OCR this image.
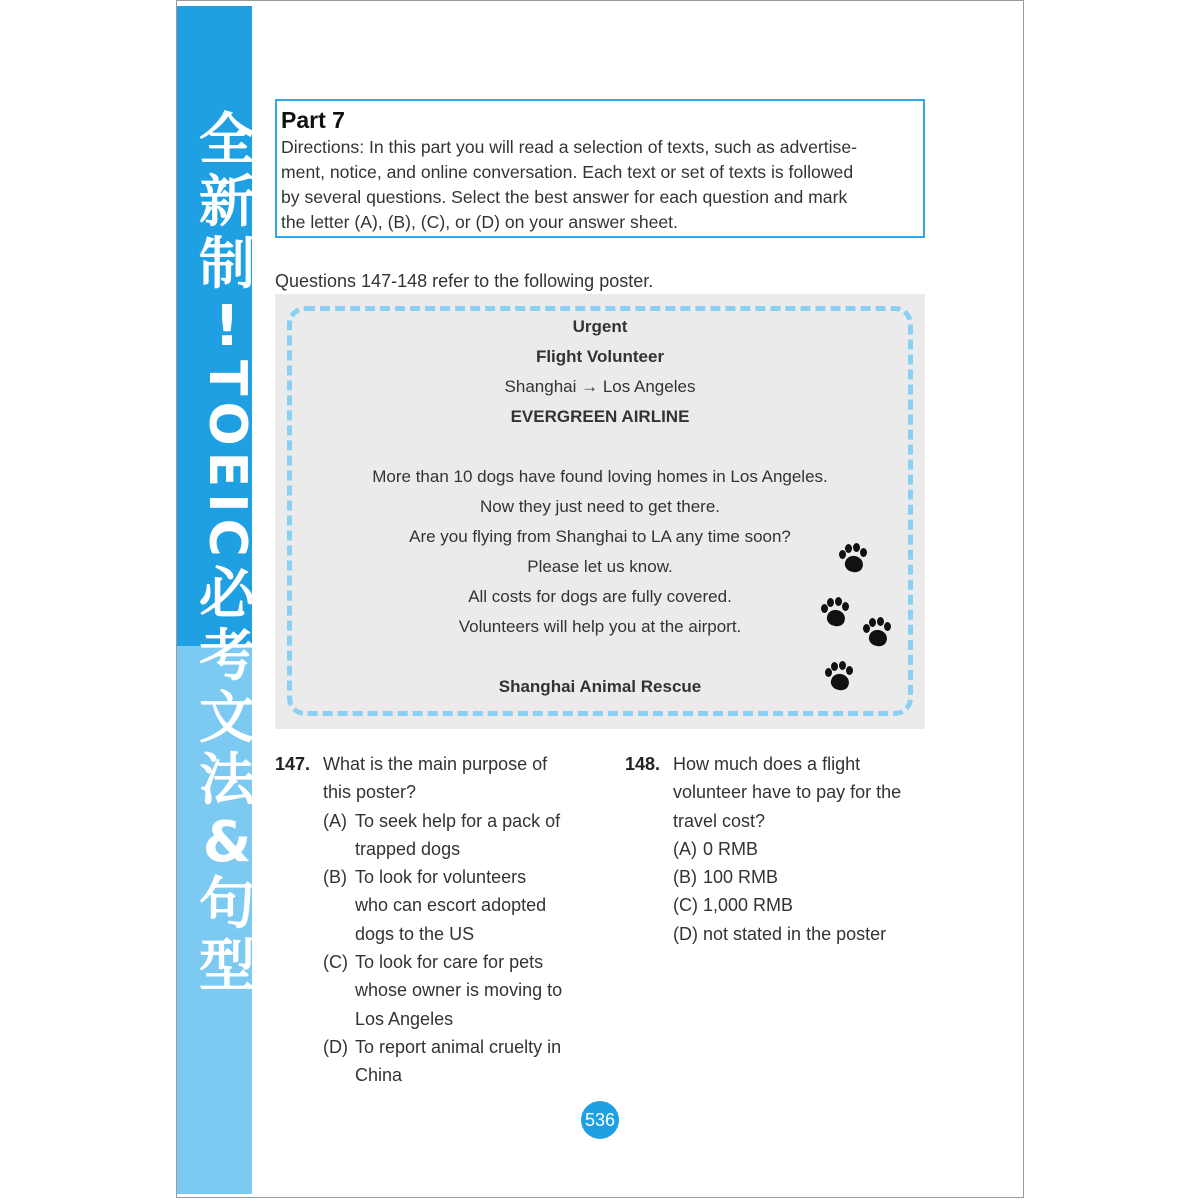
全
新
制
!
TOEIC
必
考
文
法
&
句
型

Part 7

Directions: In this part you will read a selection of texts, such as advertise-

ment, notice, and online conversation. Each text or set of texts is followed

by several questions. Select the best answer for each question and mark

the letter (A), (B), (C), or (D) on your answer sheet.

Questions 147-148 refer to the following poster.
Urgent
Flight Volunteer
Shanghai → Los Angeles
EVERGREEN AIRLINE
More than 10 dogs have found loving homes in Los Angeles.
Now they just need to get there.
Are you flying from Shanghai to LA any time soon?
Please let us know.
All costs for dogs are fully covered.
Volunteers will help you at the airport.
Shanghai Animal Rescue
147. What is the main purpose of
this poster?
(A) To seek help for a pack of
trapped dogs
(B) To look for volunteers
who can escort adopted
dogs to the US
(C) To look for care for pets
whose owner is moving to
Los Angeles
(D) To report animal cruelty in
China
148. How much does a flight
volunteer have to pay for the
travel cost?
(A) 0 RMB
(B) 100 RMB
(C) 1,000 RMB
(D) not stated in the poster
536
